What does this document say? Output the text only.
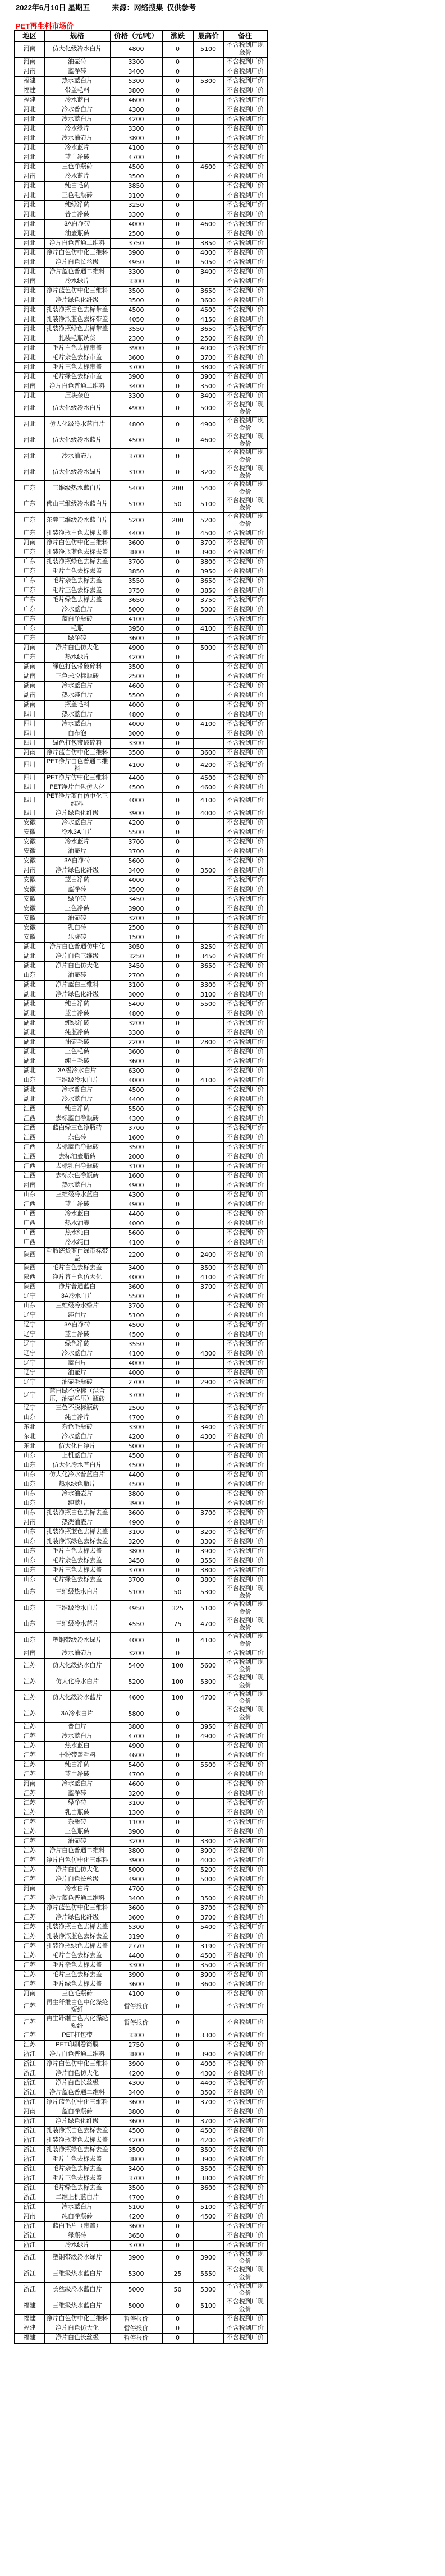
2022年6月10日 星期五	来源：网络搜集 仅供参考
PET再生料市场价
地区	规格	价格（元/吨）	涨跌	最高价	备注
河南	仿大化级冷水白片	4800	0	5100	不含税到厂现金价
河南	油壶砖	3300	0		不含税到厂价
河南	蓝净砖	3400	0		不含税到厂价
福建	热水蓝白片	5300	0	5300	不含税到厂价
福建	带盖毛料	3800	0		不含税到厂价
福建	冷水蓝白	4600	0		不含税到厂价
河北	冷水普白片	4300	0		不含税到厂价
河北	冷水蓝白片	4200	0		不含税到厂价
河北	冷水绿片	3300	0		不含税到厂价
河北	冷水油壶片	3800	0		不含税到厂价
河北	冷水蓝片	4100	0		不含税到厂价
河北	蓝白净砖	4700	0		不含税到厂价
河北	三色净瓶砖	4500	0	4600	不含税到厂价
河南	冷水蓝片	3500	0		不含税到厂价
河北	纯白毛砖	3850	0		不含税到厂价
河北	三色毛瓶砖	3100	0		不含税到厂价
河北	纯绿净砖	3250	0		不含税到厂价
河北	普白净砖	3300	0		不含税到厂价
河北	3A白净砖	4000	0	4600	不含税到厂价
河北	油壶瓶砖	2500	0		不含税到厂价
河北	净片白色普通二维料	3750	0	3850	不含税到厂价
河北	净片白色仿中化三维料	3900	0	4000	不含税到厂价
河北	净片白色长丝级	4950	0	5050	不含税到厂价
河北	净片蓝色普通二维料	3300	0	3400	不含税到厂价
河南	冷水绿片	3300	0		不含税到厂价
河北	净片蓝色仿中化三维料	3500	0	3650	不含税到厂价
河北	净片绿色化纤级	3500	0	3600	不含税到厂价
河北	扎装净瓶白色去标带盖	4500	0	4500	不含税到厂价
河北	扎装净瓶蓝色去标带盖	4050	0	4150	不含税到厂价
河北	扎装净瓶绿色去标带盖	3550	0	3650	不含税到厂价
河北	扎装毛瓶统货	2300	0	2500	不含税到厂价
河北	毛片白色去标带盖	3900	0	4000	不含税到厂价
河北	毛片杂色去标带盖	3600	0	3700	不含税到厂价
河北	毛片三色去标带盖	3700	0	3800	不含税到厂价
河北	毛片绿色去标带盖	3900	0	3900	不含税到厂价
河南	净片白色普通二维料	3400	0	3500	不含税到厂价
河北	压块杂色	3300	0	3400	不含税到厂价
河北	仿大化级冷水白片	4900	0	5000	不含税到厂现金价
河北	仿大化级冷水蓝白片	4800	0	4900	不含税到厂现金价
河北	仿大化级冷水蓝片	4500	0	4600	不含税到厂现金价
河北	冷水油壶片	3700	0		不含税到厂现金价
河北	仿大化级冷水绿片	3100	0	3200	不含税到厂现金价
广东	三维级热水蓝白片	5400	200	5400	不含税到厂现金价
广东	佛山三维级冷水蓝白片	5100	50	5100	不含税到厂现金价
广东	东莞三维级冷水蓝白片	5200	200	5200	不含税到厂现金价
广东	扎装净瓶白色去标去盖	4400	0	4500	不含税到厂价
河南	净片白色仿中化三维料	3600	0	3700	不含税到厂价
广东	扎装净瓶蓝色去标去盖	3800	0	3900	不含税到厂价
广东	扎装净瓶绿色去标去盖	3700	0	3800	不含税到厂价
广东	毛片白色去标去盖	3850	0	3950	不含税到厂价
广东	毛片杂色去标去盖	3550	0	3650	不含税到厂价
广东	毛片三色去标去盖	3750	0	3850	不含税到厂价
广东	毛片绿色去标去盖	3650	0	3750	不含税到厂价
广东	冷水蓝白片	5000	0	5000	不含税到厂价
广东	蓝白净瓶砖	4100	0		不含税到厂价
广东	毛瓶	3950	0	4100	不含税到厂价
广东	绿净砖	3600	0		不含税到厂价
河南	净片白色仿大化	4900	0	5000	不含税到厂价
广东	热水绿片	4200	0		不含税到厂价
湖南	绿色打包带破碎料	3500	0		不含税到厂价
湖南	三色未脱标瓶砖	2500	0		不含税到厂价
湖南	冷水蓝白片	4600	0		不含税到厂价
湖南	热水纯白片	5500	0		不含税到厂价
湖南	瓶盖毛料	4000	0		不含税到厂价
四川	热水蓝白片	4800	0		不含税到厂价
四川	冷水蓝白片	4000	0	4100	不含税到厂价
四川	白布泡	3000	0		不含税到厂价
四川	绿色打包带破碎料	3300	0		不含税到厂价
河南	净片蓝白仿中化三维料	3500	0	3600	不含税到厂价
四川	PET净片白色普通二维料	4100	0	4200	不含税到厂价
四川	PET净片仿中化三维料	4400	0	4500	不含税到厂价
四川	PET净片白色仿大化	4500	0	4600	不含税到厂价
四川	PET净片蓝白仿中化三维料	4000	0	4100	不含税到厂价
四川	净片绿色化纤级	3900	0	4000	不含税到厂价
安徽	冷水蓝白片	4200	0		不含税到厂价
安徽	冷水3A白片	5500	0		不含税到厂价
安徽	冷水蓝片	3700	0		不含税到厂价
安徽	油壶片	3700	0		不含税到厂价
安徽	3A白净砖	5600	0		不含税到厂价
河南	净片绿色化纤级	3400	0	3500	不含税到厂价
安徽	蓝白净砖	4000	0		不含税到厂价
安徽	蓝净砖	3500	0		不含税到厂价
安徽	绿净砖	3450	0		不含税到厂价
安徽	三色净砖	3900	0		不含税到厂价
安徽	油壶砖	3200	0		不含税到厂价
安徽	乳白砖	2500	0		不含税到厂价
安徽	乐虎砖	1500	0		不含税到厂价
湖北	净片白色普通仿中化	3050	0	3250	不含税到厂价
湖北	净片白色三维级	3250	0	3450	不含税到厂价
湖北	净片白色仿大化	3450	0	3650	不含税到厂价
山东	油壶砖	2700	0		不含税到厂价
湖北	净片蓝白三维料	3100	0	3300	不含税到厂价
湖北	净片绿色化纤级	3000	0	3100	不含税到厂价
湖北	纯白净砖	5400	0	5500	不含税到厂价
湖北	蓝白净砖	4800	0		不含税到厂价
湖北	纯绿净砖	3200	0		不含税到厂价
湖北	纯蓝净砖	3300	0		不含税到厂价
湖北	油壶毛砖	2200	0	2800	不含税到厂价
湖北	三色毛砖	3600	0		不含税到厂价
湖北	纯白毛砖	3600	0		不含税到厂价
湖北	3A级冷水白片	6300	0		不含税到厂价
山东	三维级冷水白片	4000	0	4100	不含税到厂价
湖北	冷水普白片	4500	0		不含税到厂价
湖北	冷水蓝白片	4400	0		不含税到厂价
江西	纯白净砖	5500	0		不含税到厂价
江西	去标蓝白净瓶砖	4300	0		不含税到厂价
江西	蓝白绿三色净瓶砖	3700	0		不含税到厂价
江西	杂色砖	1600	0		不含税到厂价
江西	去标蓝色净瓶砖	3500	0		不含税到厂价
江西	去标油壶瓶砖	2000	0		不含税到厂价
江西	去标乳白净瓶砖	3100	0		不含税到厂价
江西	去标杂色净瓶砖	1600	0		不含税到厂价
河南	热水蓝白片	4900	0		不含税到厂价
山东	三维级冷水蓝白	4300	0		不含税到厂价
江西	蓝白净砖	4900	0		不含税到厂价
广西	冷水蓝白	4400	0		不含税到厂价
广西	热水油壶	4000	0		不含税到厂价
广西	热水纯白	5600	0		不含税到厂价
广西	冷水纯白	4100	0		不含税到厂价
陕西	毛瓶统货蓝白绿带标带盖	2200	0	2400	不含税到厂价
陕西	毛片白色去标去盖	3400	0	3500	不含税到厂价
陕西	净片普白色仿大化	4000	0	4100	不含税到厂价
陕西	净片普通蓝白	3600	0	3700	不含税到厂价
辽宁	3A冷水白片	5500	0		不含税到厂价
山东	三维级冷水绿片	3700	0		不含税到厂价
辽宁	纯白片	5100	0		不含税到厂价
辽宁	3A白净砖	4500	0		不含税到厂价
辽宁	蓝白净砖	4500	0		不含税到厂价
辽宁	绿色净砖	3550	0		不含税到厂价
辽宁	冷水蓝白片	4100	0	4300	不含税到厂价
辽宁	蓝白片	4000	0		不含税到厂价
辽宁	油壶片	4000	0		不含税到厂价
辽宁	油壶毛瓶砖	2700	0	2900	不含税到厂价
辽宁	蓝白绿不脱标（混合压，油壶单压）瓶砖	3700	0		不含税到厂价
辽宁	三色不脱标瓶砖	2500	0		不含税到厂价
山东	纯白净片	4700	0		不含税到厂价
东北	杂色毛瓶砖	3300	0	3400	不含税到厂价
东北	冷水蓝白片	4200	0	4300	不含税到厂价
东北	仿大化白净片	5000	0		不含税到厂价
山东	上机蓝白片	4500	0		不含税到厂价
山东	仿大化冷水普白片	4500	0		不含税到厂价
山东	仿大化冷水普蓝白片	4400	0		不含税到厂价
山东	热水绿色瓶片	4500	0		不含税到厂价
山东	冷水油壶片	3800	0		不含税到厂价
山东	纯蓝片	3900	0		不含税到厂价
山东	扎装净瓶白色去标去盖	3600	0	3700	不含税到厂价
河南	热洗油壶片	4900	0		不含税到厂价
山东	扎装净瓶蓝色去标去盖	3100	0	3200	不含税到厂价
山东	扎装净瓶绿色去标去盖	3200	0	3300	不含税到厂价
山东	毛片白色去标去盖	3800	0	3900	不含税到厂价
山东	毛片杂色去标去盖	3450	0	3550	不含税到厂价
山东	毛片三色去标去盖	3700	0	3800	不含税到厂价
山东	毛片绿色去标去盖	3700	0	3800	不含税到厂价
山东	三维级热水白片	5100	50	5300	不含税到厂现金价
山东	三维级冷水白片	4950	325	5100	不含税到厂现金价
山东	三维级冷水蓝片	4550	75	4700	不含税到厂现金价
山东	塑钢带级冷水绿片	4000	0	4100	不含税到厂现金价
河南	冷水油壶片	3200	0		不含税到厂价
江苏	仿大化级热水白片	5400	100	5600	不含税到厂现金价
江苏	仿大化冷水白片	5200	100	5300	不含税到厂现金价
江苏	仿大化级冷水蓝片	4600	100	4700	不含税到厂现金价
江苏	3A冷水白片	5800	0		不含税到厂现金价
江苏	普白片	3800	0	3950	不含税到厂价
江苏	冷水蓝白片	4700	0	4900	不含税到厂价
江苏	热水蓝白	4900	0		不含税到厂价
江苏	干粉带盖毛料	4600	0		不含税到厂价
江苏	纯白净砖	5400	0	5500	不含税到厂价
江苏	蓝白净砖	4700	0		不含税到厂价
河南	冷水蓝白片	4600	0		不含税到厂价
江苏	蓝净砖	3200	0		不含税到厂价
江苏	绿净砖	3100	0		不含税到厂价
江苏	乳白瓶砖	1300	0		不含税到厂价
江苏	杂瓶砖	1100	0		不含税到厂价
江苏	三色瓶砖	3900	0		不含税到厂价
江苏	油壶砖	3200	0	3300	不含税到厂价
江苏	净片白色普通二维料	3800	0	3900	不含税到厂价
江苏	净片白色仿中化三维料	3900	0	4000	不含税到厂价
江苏	净片白色仿大化	5000	0	5200	不含税到厂价
江苏	净片白色长丝级	4900	0	5000	不含税到厂价
河南	冷水白片	4700	0		不含税到厂价
江苏	净片蓝色普通二维料	3400	0	3500	不含税到厂价
江苏	净片蓝色仿中化三维料	3600	0	3700	不含税到厂价
江苏	净片绿色化纤级	3600	0	3700	不含税到厂价
江苏	扎装净瓶白色去标去盖	5300	0	5400	不含税到厂价
江苏	扎装净瓶蓝色去标去盖	3190	0		不含税到厂价
江苏	扎装净瓶绿色去标去盖	2770	0	3190	不含税到厂价
江苏	毛片白色去标去盖	4400	0	4500	不含税到厂价
江苏	毛片杂色去标去盖	3300	0	3500	不含税到厂价
江苏	毛片三色去标去盖	3900	0	3900	不含税到厂价
江苏	毛片绿色去标去盖	3600	0	3600	不含税到厂价
河南	三色毛瓶砖	4100	0		不含税到厂价
江苏	再生纤维白色中化涤纶短纤	暂停报价	0		不含税到厂价
江苏	再生纤维白色大化涤纶短纤	暂停报价	0		不含税到厂价
江苏	PET打包带	3300	0	3300	不含税到厂价
江苏	PET印刷卷筒膜	2750	0		不含税到厂价
浙江	净片白色普通二维料	3800	0	3900	不含税到厂价
浙江	净片白色仿中化三维料	3900	0	4000	不含税到厂价
浙江	净片白色仿大化	4200	0	4300	不含税到厂价
浙江	净片白色长丝级	4300	0	4400	不含税到厂价
浙江	净片蓝色普通二维料	3400	0	3500	不含税到厂价
浙江	净片蓝色仿中化三维料	3600	0	3700	不含税到厂价
河南	蓝白净瓶砖	3800	0		不含税到厂价
浙江	净片绿色化纤级	3600	0	3700	不含税到厂价
浙江	扎装净瓶白色去标去盖	4500	0	4500	不含税到厂价
浙江	扎装净瓶蓝色去标去盖	4200	0	4200	不含税到厂价
浙江	扎装净瓶绿色去标去盖	3500	0	3500	不含税到厂价
浙江	毛片白色去标去盖	3800	0	3900	不含税到厂价
浙江	毛片杂色去标去盖	3400	0	3500	不含税到厂价
浙江	毛片三色去标去盖	3700	0	3800	不含税到厂价
浙江	毛片绿色去标去盖	3500	0	3600	不含税到厂价
浙江	二维上机蓝白片	4700	0		不含税到厂价
浙江	冷水蓝白片	5100	0	5100	不含税到厂价
河南	纯白净瓶砖	4200	0	4500	不含税到厂价
浙江	蓝白毛片（带盖）	3600	0		不含税到厂价
浙江	绿瓶砖	3650	0		不含税到厂价
浙江	冷水绿片	3700	0		不含税到厂价
浙江	塑钢带级冷水绿片	3900	0	3900	不含税到厂现金价
浙江	三维级热水蓝白片	5300	25	5550	不含税到厂现金价
浙江	长丝级冷水蓝白片	5000	50	5300	不含税到厂现金价
福建	三维级热水蓝白片	5000	0	5100	不含税到厂现金价
福建	净片白色仿中化三维料	暂停报价	0		不含税到厂价
福建	净片白色仿大化	暂停报价	0		不含税到厂价
福建	净片白色长丝级	暂停报价	0		不含税到厂价
